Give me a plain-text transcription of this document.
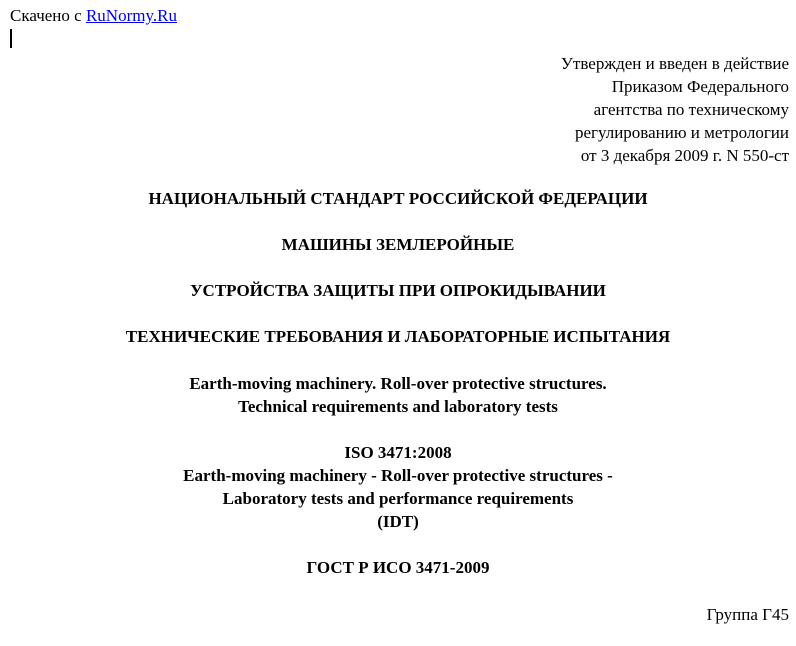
Скачено с RuNormy.Ru
Утвержден и введен в действие
Приказом Федерального
агентства по техническому
регулированию и метрологии
от 3 декабря 2009 г. N 550-ст
НАЦИОНАЛЬНЫЙ СТАНДАРТ РОССИЙСКОЙ ФЕДЕРАЦИИ
МАШИНЫ ЗЕМЛЕРОЙНЫЕ
УСТРОЙСТВА ЗАЩИТЫ ПРИ ОПРОКИДЫВАНИИ
ТЕХНИЧЕСКИЕ ТРЕБОВАНИЯ И ЛАБОРАТОРНЫЕ ИСПЫТАНИЯ
Earth-moving machinery. Roll-over protective structures.
Technical requirements and laboratory tests
ISO 3471:2008
Earth-moving machinery - Roll-over protective structures -
Laboratory tests and performance requirements
(IDT)
ГОСТ Р ИСО 3471-2009
Группа Г45
